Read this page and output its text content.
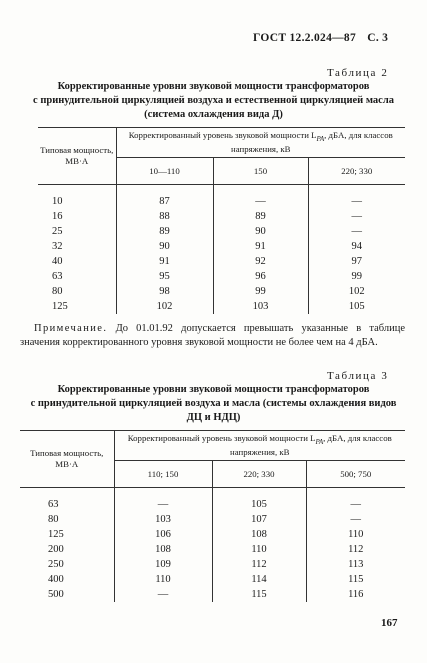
ГОСТ 12.2.024—87 С. 3
Таблица 2
Корректированные уровни звуковой мощности трансформаторов
с принудительной циркуляцией воздуха и естественной циркуляцией масла
(система охлаждения вида Д)
Типовая мощность, МВ·А	Корректированный уровень звуковой мощности $L_{PA}$, дБА, для классов напряжения, кВ		
	10—110	150	220; 330

10	87	—	—
16	88	89	—
25	89	90	—
32	90	91	94
40	91	92	97
63	95	96	99
80	98	99	102
125	102	103	105
Примечание. До 01.01.92 допускается превышать указанные в таблице значения корректированного уровня звуковой мощности не более чем на 4 дБА.
Таблица 3
Корректированные уровни звуковой мощности трансформаторов
с принудительной циркуляцией воздуха и масла (системы охлаждения видов
ДЦ и НДЦ)
Типовая мощность, МВ·А	Корректированный уровень звуковой мощности $L_{PA}$, дБА, для классов напряжения, кВ		
	110; 150	220; 330	500; 750

63	—	105	—
80	103	107	—
125	106	108	110
200	108	110	112
250	109	112	113
400	110	114	115
500	—	115	116
167
